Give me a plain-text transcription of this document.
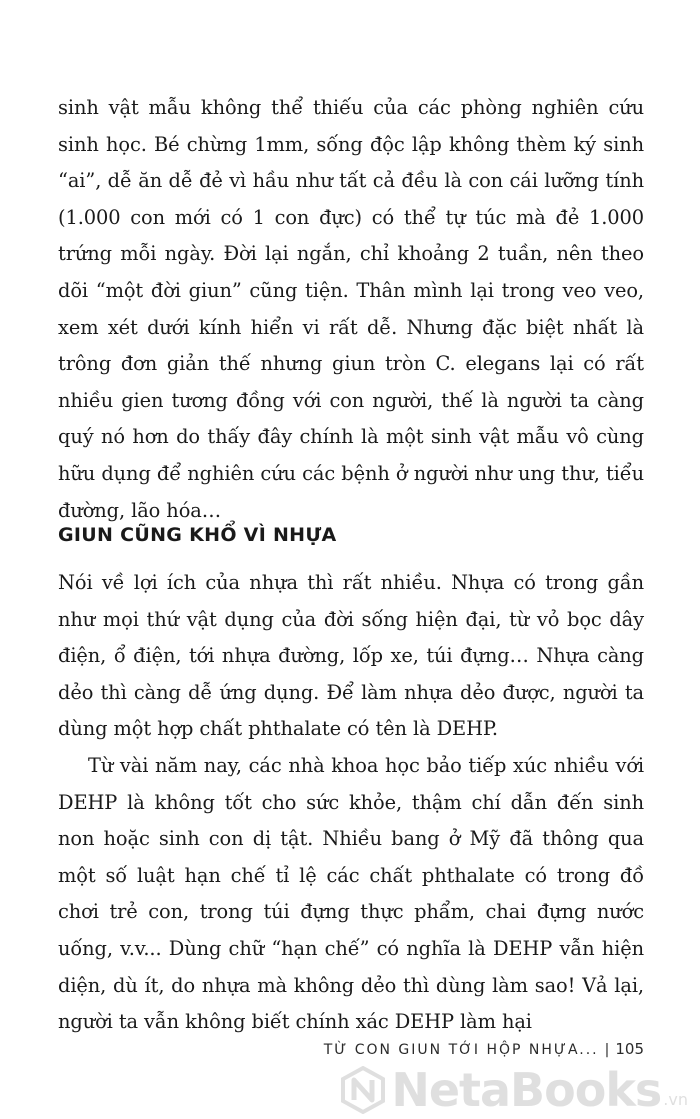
sinh vật mẫu không thể thiếu của các phòng nghiên cứu sinh học. Bé chừng 1mm, sống độc lập không thèm ký sinh “ai”, dễ ăn dễ đẻ vì hầu như tất cả đều là con cái lưỡng tính (1.000 con mới có 1 con đực) có thể tự túc mà đẻ 1.000 trứng mỗi ngày. Đời lại ngắn, chỉ khoảng 2 tuần, nên theo dõi “một đời giun” cũng tiện. Thân mình lại trong veo veo, xem xét dưới kính hiển vi rất dễ. Nhưng đặc biệt nhất là trông đơn giản thế nhưng giun tròn C. elegans lại có rất nhiều gien tương đồng với con người, thế là người ta càng quý nó hơn do thấy đây chính là một sinh vật mẫu vô cùng hữu dụng để nghiên cứu các bệnh ở người như ung thư, tiểu đường, lão hóa…

GIUN CŨNG KHỔ VÌ NHỰA

Nói về lợi ích của nhựa thì rất nhiều. Nhựa có trong gần như mọi thứ vật dụng của đời sống hiện đại, từ vỏ bọc dây điện, ổ điện, tới nhựa đường, lốp xe, túi đựng… Nhựa càng dẻo thì càng dễ ứng dụng. Để làm nhựa dẻo được, người ta dùng một hợp chất phthalate có tên là DEHP.

Từ vài năm nay, các nhà khoa học bảo tiếp xúc nhiều với DEHP là không tốt cho sức khỏe, thậm chí dẫn đến sinh non hoặc sinh con dị tật. Nhiều bang ở Mỹ đã thông qua một số luật hạn chế tỉ lệ các chất phthalate có trong đồ chơi trẻ con, trong túi đựng thực phẩm, chai đựng nước uống, v.v... Dùng chữ “hạn chế” có nghĩa là DEHP vẫn hiện diện, dù ít, do nhựa mà không dẻo thì dùng làm sao! Vả lại, người ta vẫn không biết chính xác DEHP làm hại

TỪ CON GIUN TỚI HỘP NHỰA... | 105
NetaBooks .vn
